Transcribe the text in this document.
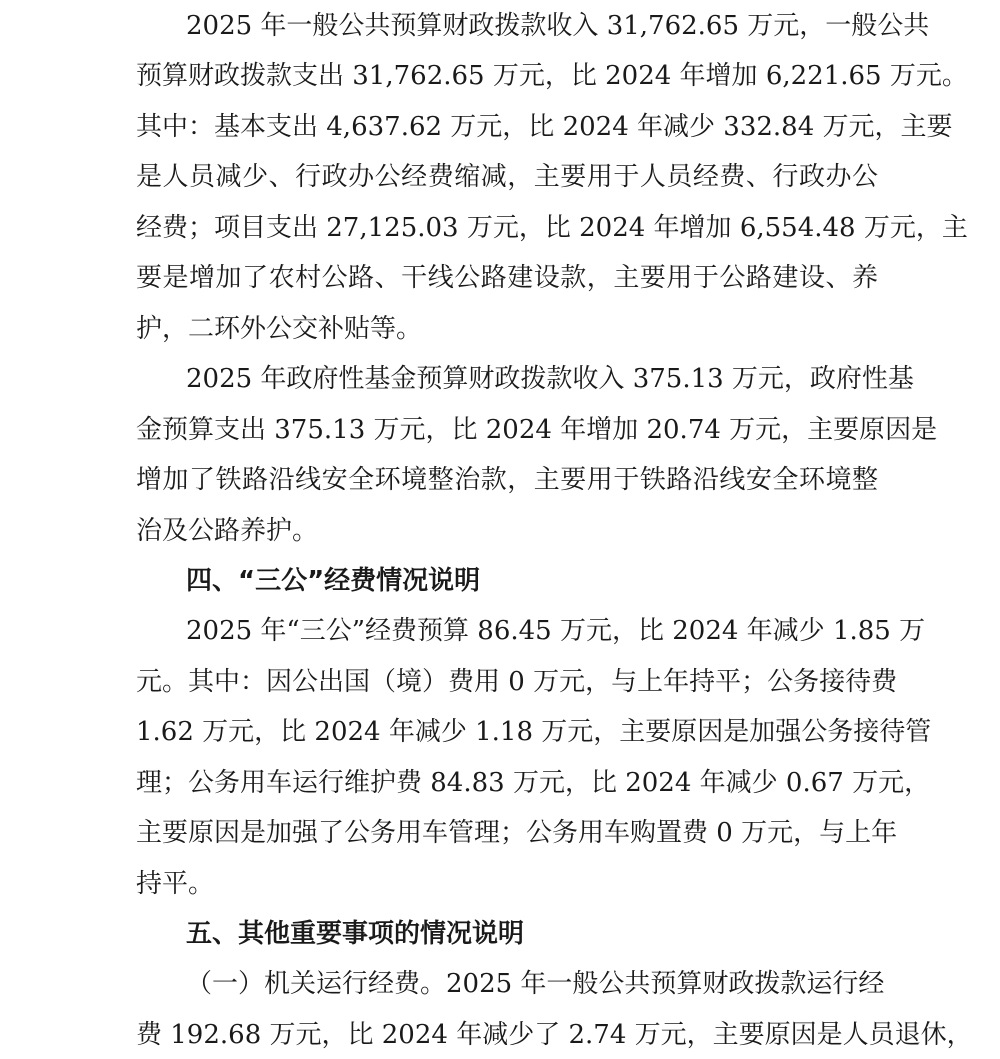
2025 年一般公共预算财政拨款收入 31,762.65 万元，一般公共
预算财政拨款支出 31,762.65 万元，比 2024 年增加 6,221.65 万元。
其中：基本支出 4,637.62 万元，比 2024 年减少 332.84 万元，主要
是人员减少、行政办公经费缩减，主要用于人员经费、行政办公
经费；项目支出 27,125.03 万元，比 2024 年增加 6,554.48 万元，主
要是增加了农村公路、干线公路建设款，主要用于公路建设、养
护，二环外公交补贴等。
2025 年政府性基金预算财政拨款收入 375.13 万元，政府性基
金预算支出 375.13 万元，比 2024 年增加 20.74 万元，主要原因是
增加了铁路沿线安全环境整治款，主要用于铁路沿线安全环境整
治及公路养护。
四、“三公”经费情况说明
2025 年“三公”经费预算 86.45 万元，比 2024 年减少 1.85 万
元。其中：因公出国（境）费用 0 万元，与上年持平；公务接待费
1.62 万元，比 2024 年减少 1.18 万元，主要原因是加强公务接待管
理；公务用车运行维护费 84.83 万元，比 2024 年减少 0.67 万元，
主要原因是加强了公务用车管理；公务用车购置费 0 万元，与上年
持平。
五、其他重要事项的情况说明
（一）机关运行经费。2025 年一般公共预算财政拨款运行经
费 192.68 万元，比 2024 年减少了 2.74 万元，主要原因是人员退休，
